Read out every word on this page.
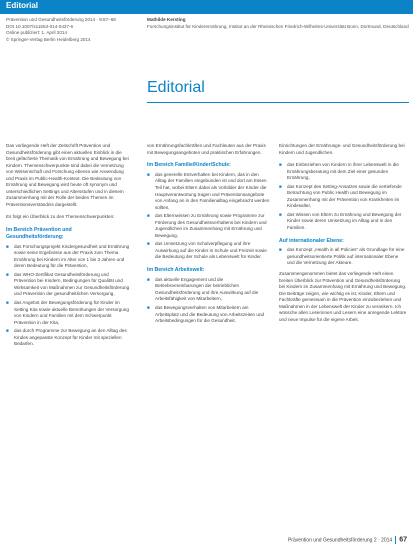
Editorial
Prävention und Gesundheitsförderung 2014 · 9:67–68
DOI 10.1007/s11553-014-0437-6
Online publiziert: 1. April 2014
© Springer-Verlag Berlin Heidelberg 2014
Mathilde Kersting
Forschungsinstitut für Kinderernährung, Institut an der Rheinischen Friedrich-Wilhelms-Universität Bonn, Dortmund, Deutschland
Editorial

Das vorliegende Heft der Zeitschrift Prävention und Gesundheitsförderung gibt einen aktuellen Einblick in die breit gefächerte Thematik von Ernährung und Bewegung bei Kindern. Themenschwerpunkte sind dabei die Vernetzung von Wissenschaft und Forschung ebenso wie Anwendung und Praxis im Public-Health-Kontext. Die Bedeutung von Ernährung und Bewegung wird heute oft synonym und unterschiedlichen Settings und Altersstufen und in diesem Zusammenhang mit der Rolle der beiden Themen im Präventionsverständnis dargestellt.

Es folgt ein Überblick zu den Themenschwerpunkten:

Im Bereich Prävention und Gesundheitsförderung:
■ das Forschungsprojekt Kindergesundheit und Ernährung sowie seine Ergebnisse aus der Praxis zum Thema Ernährung bei Kindern im Alter von 1 bis 3 Jahren und deren Bedeutung für die Prävention,
■ das WHO-Zertifikat Gesundheitsförderung und Prävention bei Kindern, Bedingungen für Qualität und Wirksamkeit von Maßnahmen zur Gesundheitsförderung und Prävention der gesundheitlichen Versorgung,
■ das Angebot der Bewegungsförderung für Kinder im Setting Kita sowie aktuelle Bemühungen der Versorgung von Kindern und Familien mit dem Schwerpunkt Prävention in der Kita,
■ das durch Programme zur Bewegung an den Alltag des Kindes angepasste Konzept für Kinder mit speziellen Bedarfen.

von Ernährungsfachkräften und Fachleuten aus der Praxis mit Bewegungsangeboten und praktischen Erfahrungen.

Im Bereich Familie/Kinder/Schule:
■ das generelle Essverhalten bei Kindern, das in den Alltag der Familien eingebunden ist und dort am Essen Teil hat, wobei Eltern dabei als Vorbilder der Kinder die Hauptverantwortung tragen und Präventionsangebote von Anfang an in den Familienalltag eingebracht werden sollten,
■ das Elternwissen zu Ernährung sowie Programme zur Förderung des Gesundheitsverhaltens bei Kindern und Jugendlichen im Zusammenhang mit Ernährung und Bewegung,
■ das Umsetzung von Schulverpflegung und ihre Auswirkung auf die Kinder in Schule und Freizeit sowie die Bedeutung der Schule als Lebenswelt für Kinder.
Im Bereich Arbeitswelt:
■ das aktuelle Engagement und die Betriebsvereinbarungen der betrieblichen Gesundheitsförderung und ihre Auswirkung auf die Arbeitsfähigkeit von Mitarbeitern,
■ das Bewegungsverhalten von Mitarbeitern am Arbeitsplatz und die Bedeutung von Arbeitszeiten und Arbeitsbedingungen für die Gesundheit.

Einrichtungen der Ernährungs- und Gesundheitsförderung bei Kindern und Jugendlichen.

■ das Einbeziehen von Kindern in ihrer Lebenswelt in die Ernährungsberatung mit dem Ziel einer gesunden Ernährung,
■ das Konzept des Setting-Ansatzes sowie die vertiefende Betrachtung von Public Health und Bewegung im Zusammenhang mit der Prävention von Krankheiten im Kindesalter,
■ das Wissen von Eltern zu Ernährung und Bewegung der Kinder sowie deren Umsetzung im Alltag und in den Familien.
Auf internationaler Ebene:
■ das Konzept „Health in all Policies“ als Grundlage für eine gesundheitsorientierte Politik auf internationaler Ebene und die Vernetzung der Akteure.

Zusammengenommen bietet das vorliegende Heft einen breiten Überblick zur Prävention und Gesundheitsförderung bei Kindern im Zusammenhang mit Ernährung und Bewegung. Die Beiträge zeigen, wie wichtig es ist, Kinder, Eltern und Fachkräfte gemeinsam in die Prävention einzubeziehen und Maßnahmen in der Lebenswelt der Kinder zu verankern. Ich wünsche allen Leserinnen und Lesern eine anregende Lektüre und neue Impulse für die eigene Arbeit.

Prävention und Gesundheitsförderung 2 · 2014 67
